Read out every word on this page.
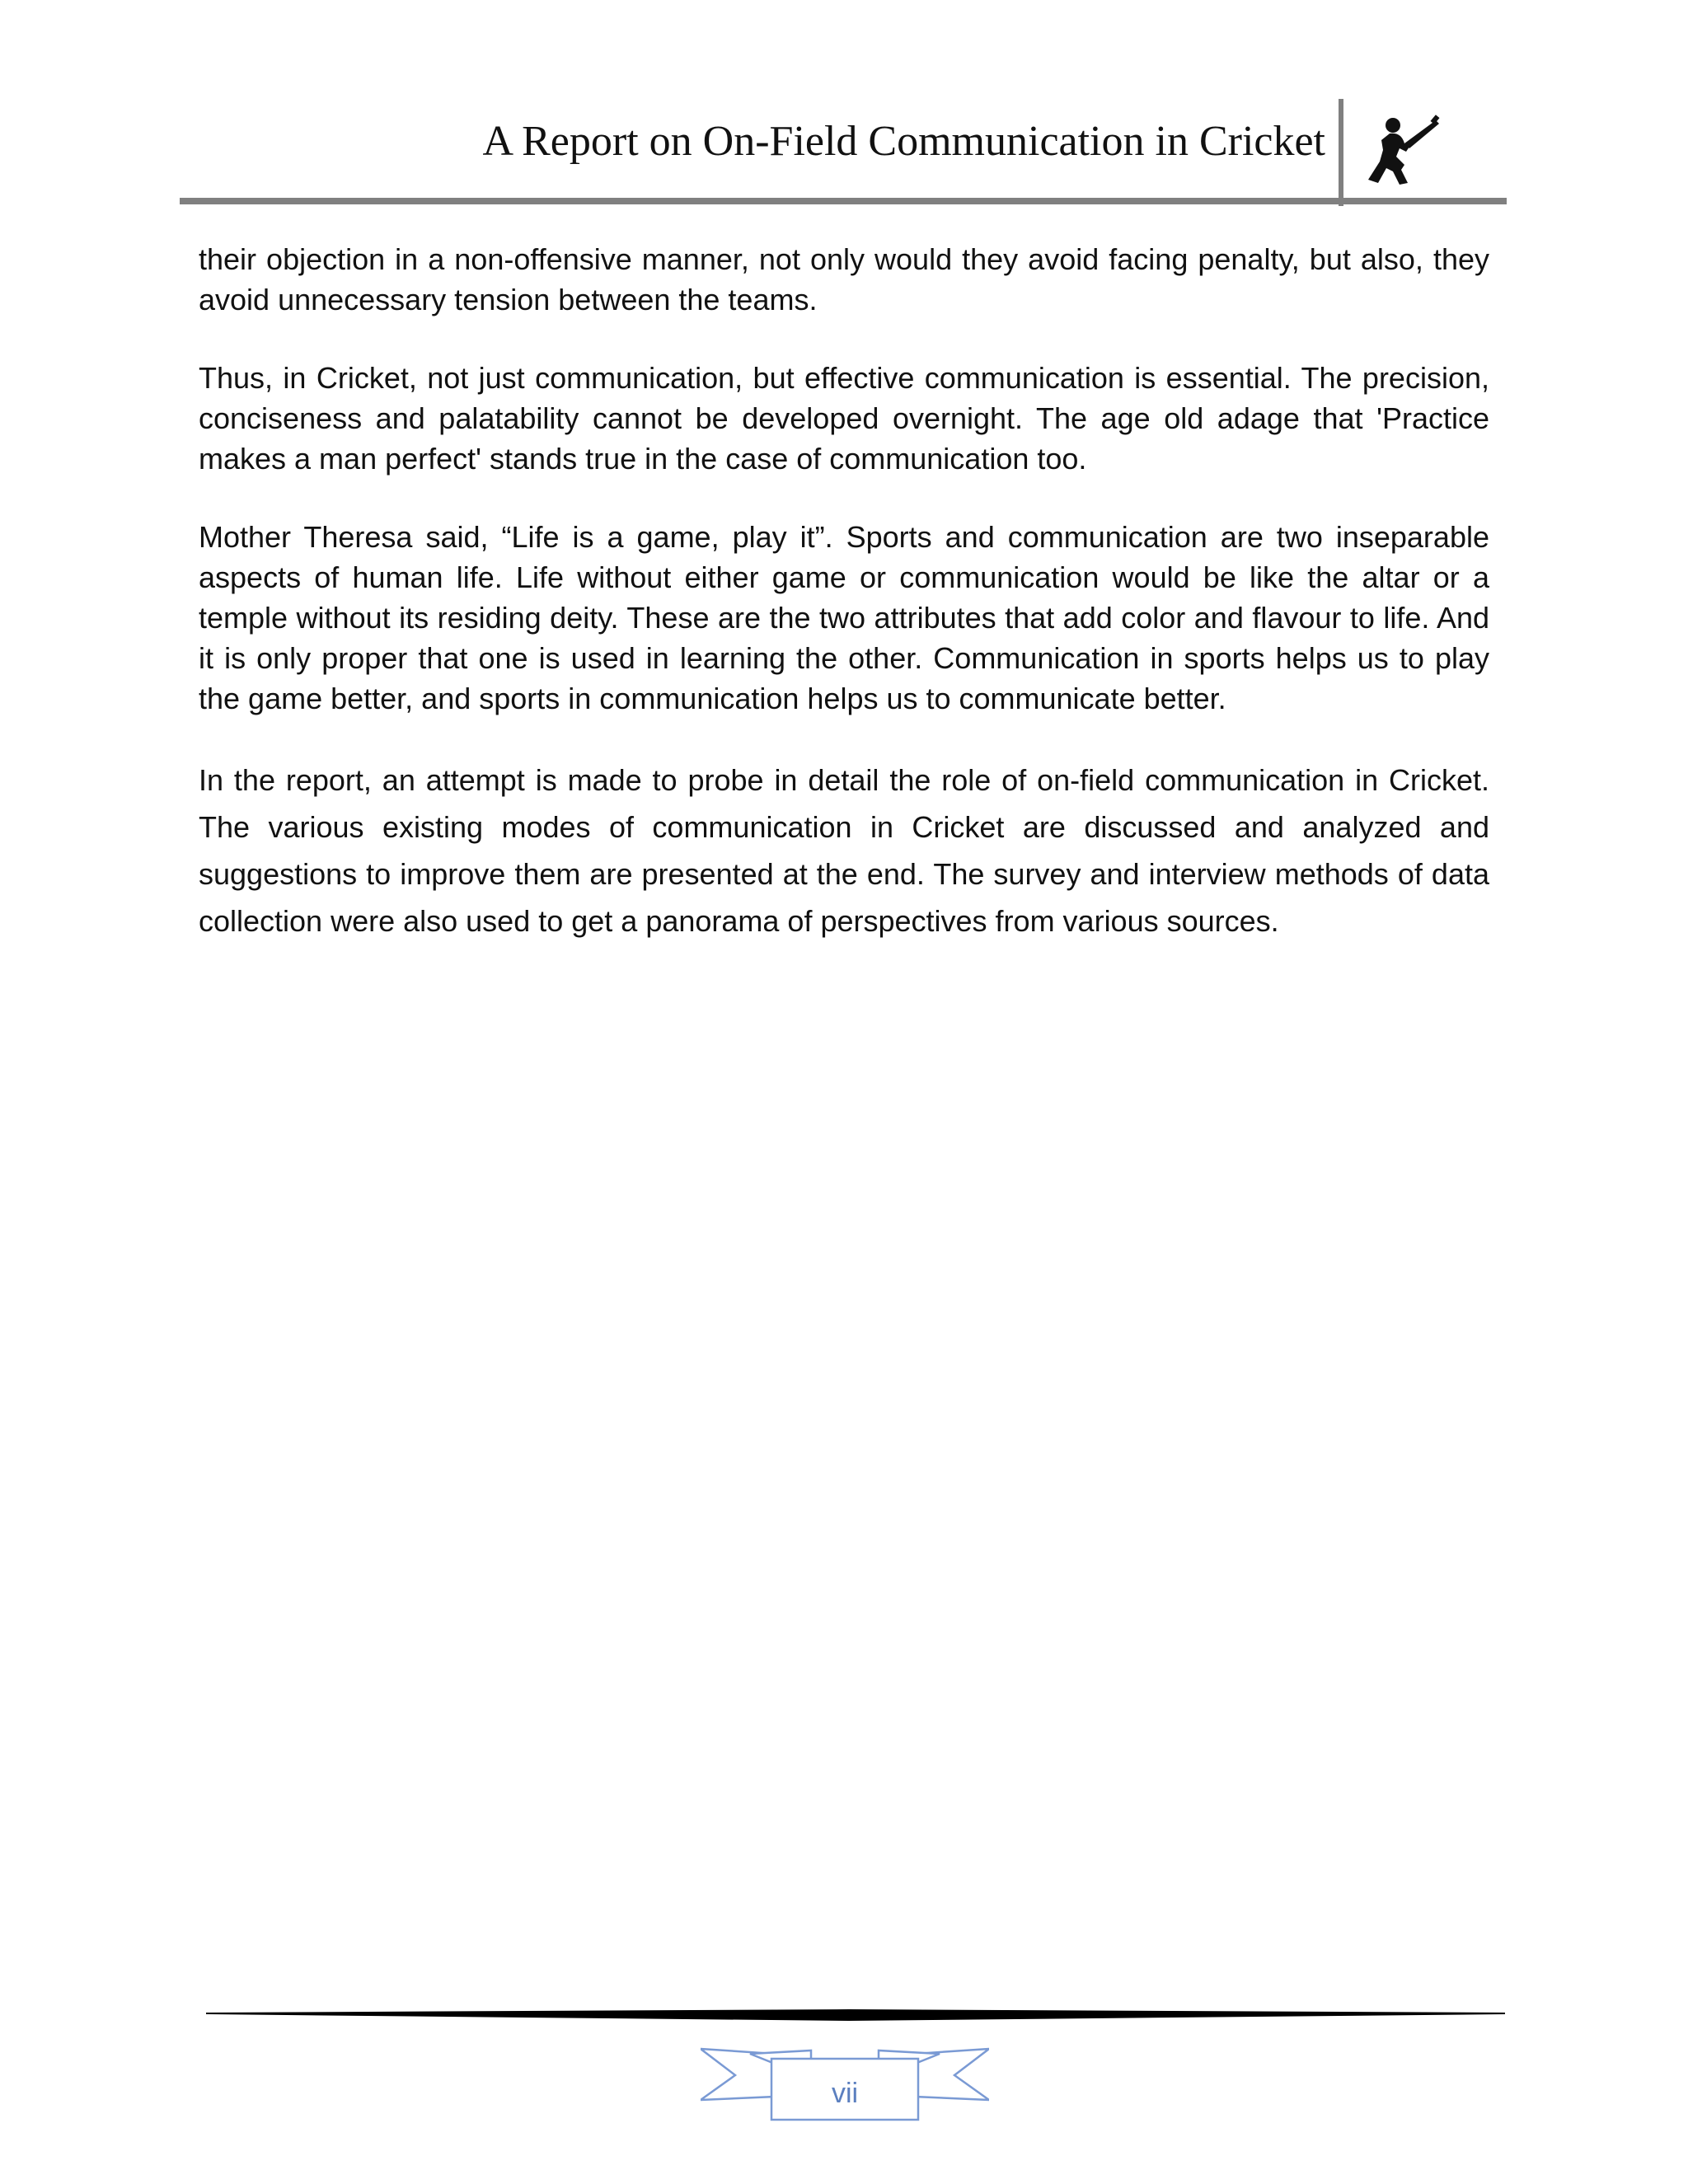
A Report on On-Field Communication in Cricket

their objection in a non-offensive manner, not only would they avoid facing penalty, but also, they avoid unnecessary tension between the teams.

Thus, in Cricket, not just communication, but effective communication is essential. The precision, conciseness and palatability cannot be developed overnight. The age old adage that 'Practice makes a man perfect' stands true in the case of communication too.

Mother Theresa said, “Life is a game, play it”. Sports and communication are two inseparable aspects of human life. Life without either game or communication would be like the altar or a temple without its residing deity. These are the two attributes that add color and flavour to life. And it is only proper that one is used in learning the other. Communication in sports helps us to play the game better, and sports in communication helps us to communicate better.

In the report, an attempt is made to probe in detail the role of on-field communication in Cricket. The various existing modes of communication in Cricket are discussed and analyzed and suggestions to improve them are presented at the end. The survey and interview methods of data collection were also used to get a panorama of perspectives from various sources.

vii
